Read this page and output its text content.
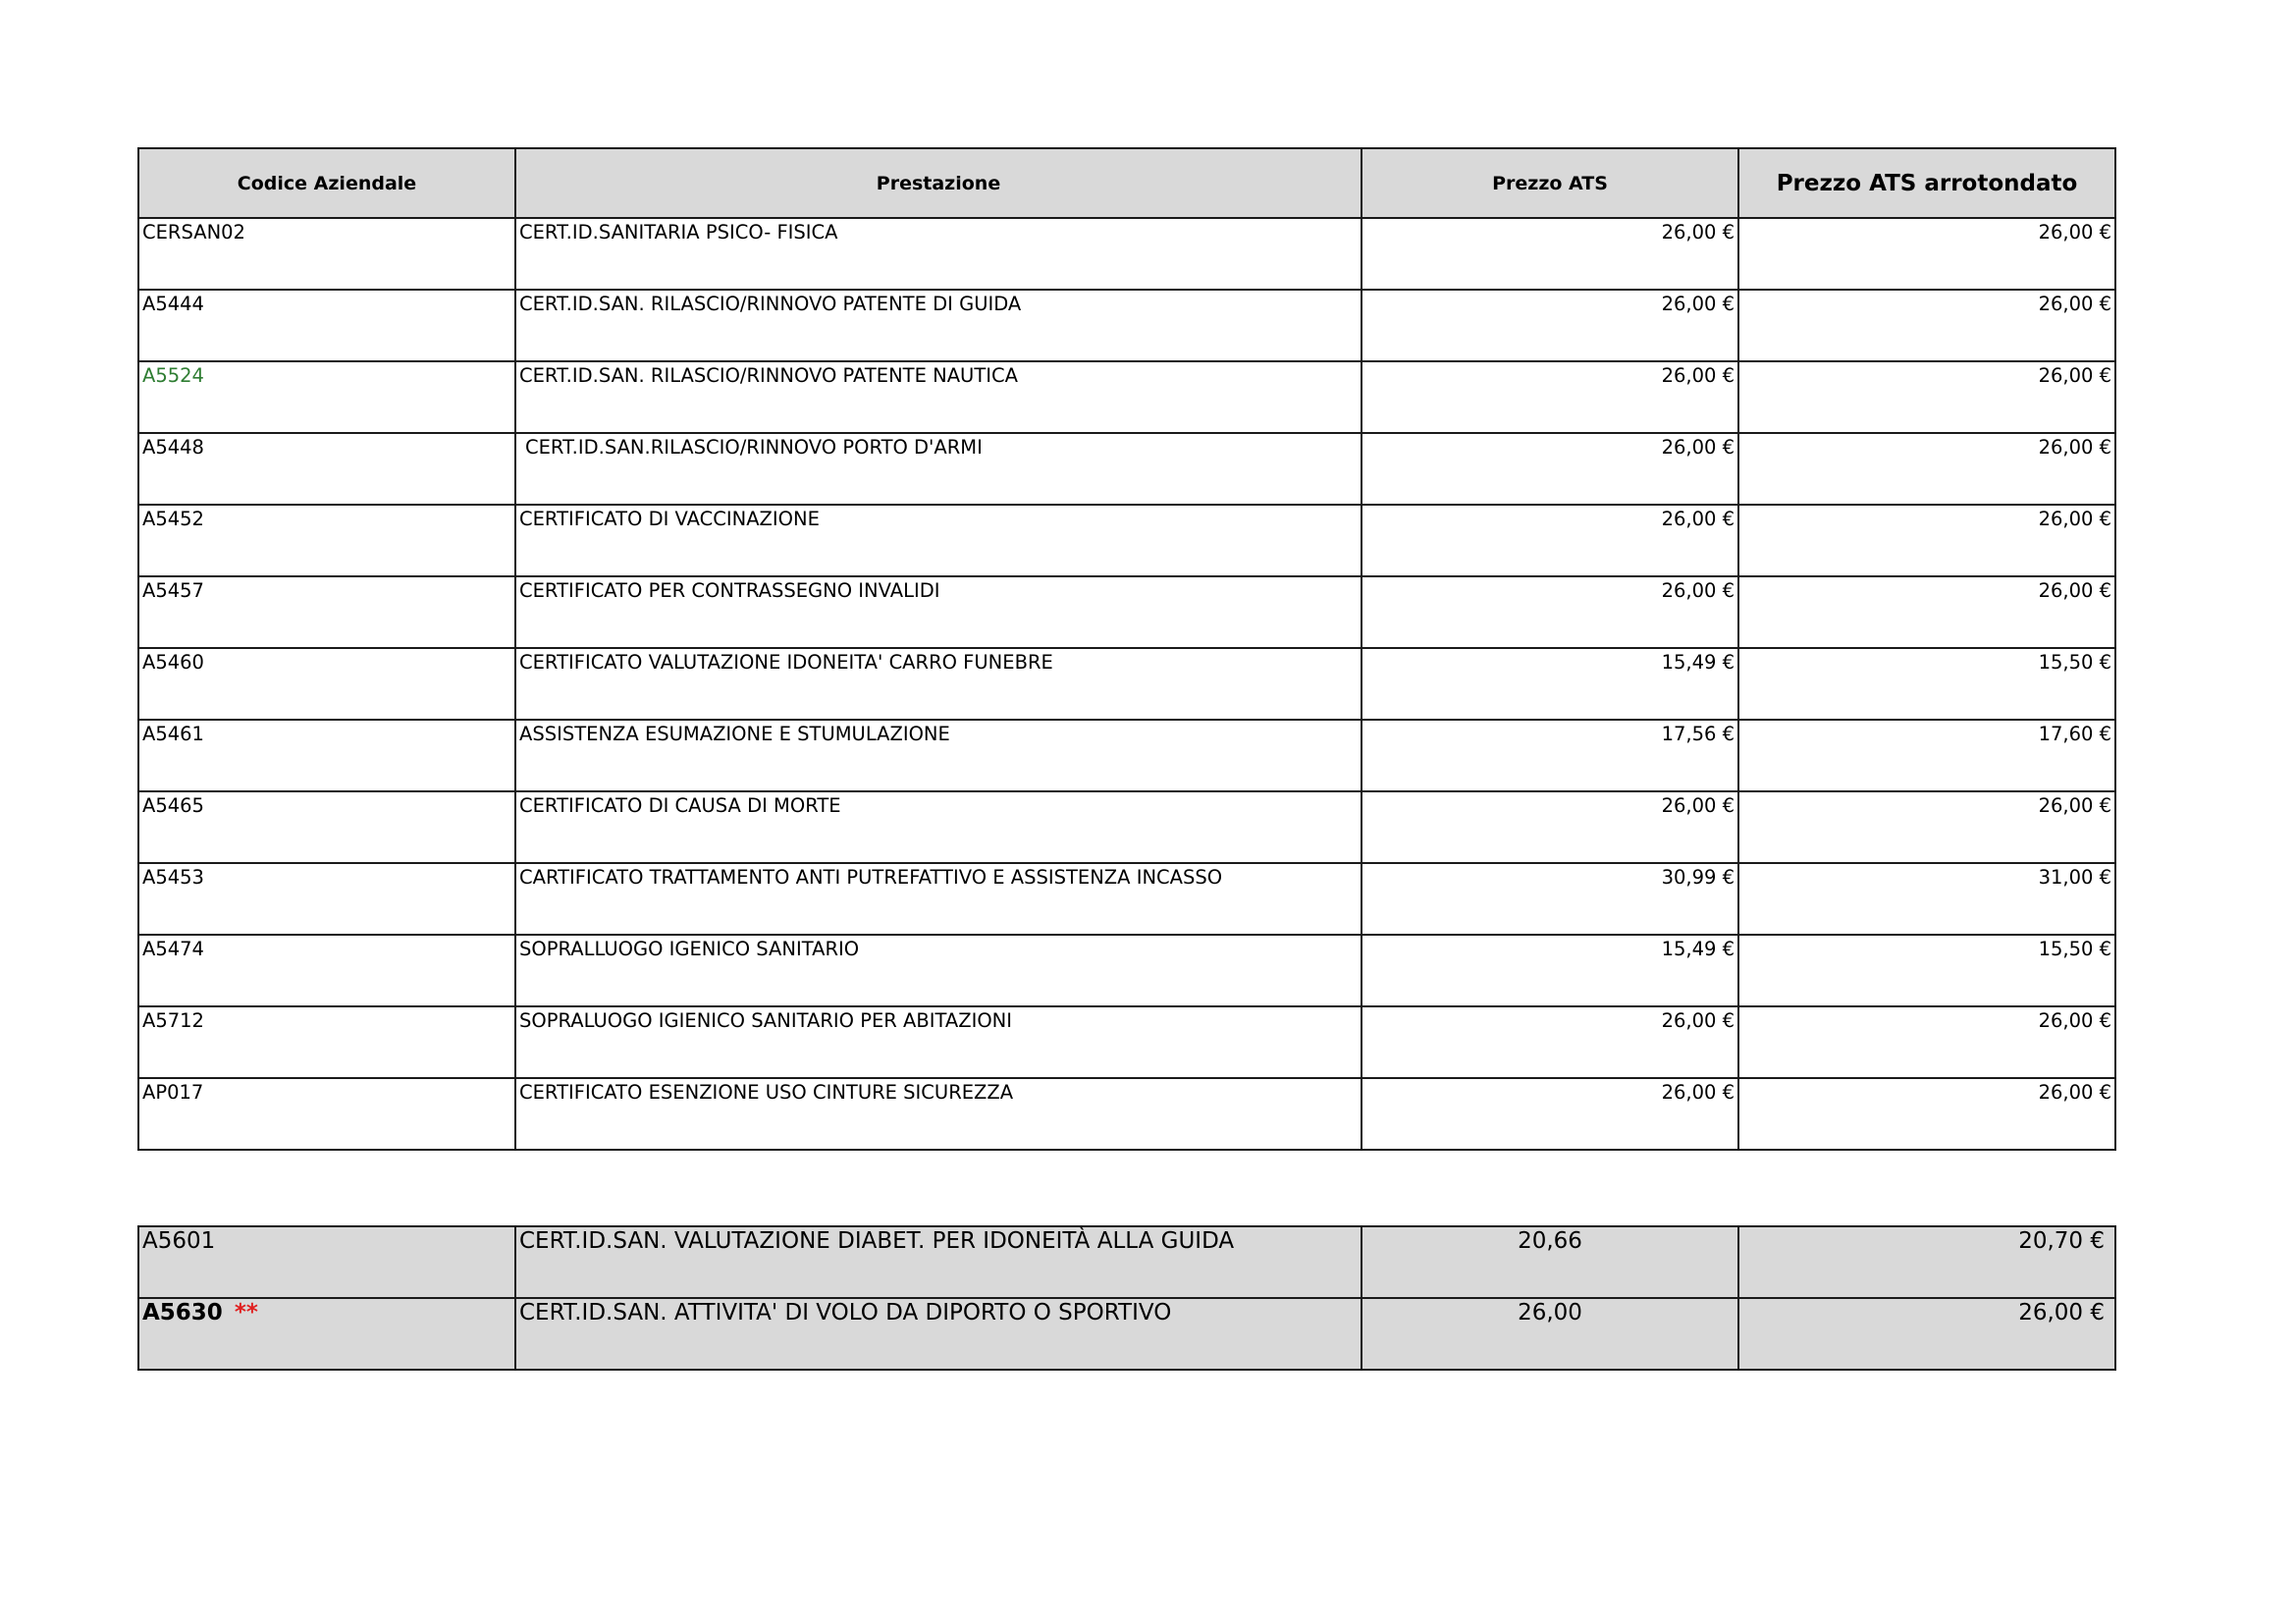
Codice Aziendale	Prestazione	Prezzo ATS	Prezzo ATS arrotondato
CERSAN02	CERT.ID.SANITARIA PSICO- FISICA	26,00 €	26,00 €
A5444	CERT.ID.SAN. RILASCIO/RINNOVO PATENTE DI GUIDA	26,00 €	26,00 €
A5524	CERT.ID.SAN. RILASCIO/RINNOVO PATENTE NAUTICA	26,00 €	26,00 €
A5448	CERT.ID.SAN.RILASCIO/RINNOVO PORTO D'ARMI	26,00 €	26,00 €
A5452	CERTIFICATO DI VACCINAZIONE	26,00 €	26,00 €
A5457	CERTIFICATO PER CONTRASSEGNO INVALIDI	26,00 €	26,00 €
A5460	CERTIFICATO VALUTAZIONE IDONEITA' CARRO FUNEBRE	15,49 €	15,50 €
A5461	ASSISTENZA ESUMAZIONE E STUMULAZIONE	17,56 €	17,60 €
A5465	CERTIFICATO DI CAUSA DI MORTE	26,00 €	26,00 €
A5453	CARTIFICATO TRATTAMENTO ANTI PUTREFATTIVO E ASSISTENZA INCASSO	30,99 €	31,00 €
A5474	SOPRALLUOGO IGENICO SANITARIO	15,49 €	15,50 €
A5712	SOPRALUOGO IGIENICO SANITARIO PER ABITAZIONI	26,00 €	26,00 €
AP017	CERTIFICATO ESENZIONE USO CINTURE SICUREZZA	26,00 €	26,00 €
A5601	CERT.ID.SAN. VALUTAZIONE DIABET. PER IDONEITÀ ALLA GUIDA	20,66	20,70 €
A5630 **	CERT.ID.SAN. ATTIVITA' DI VOLO DA DIPORTO O SPORTIVO	26,00	26,00 €
